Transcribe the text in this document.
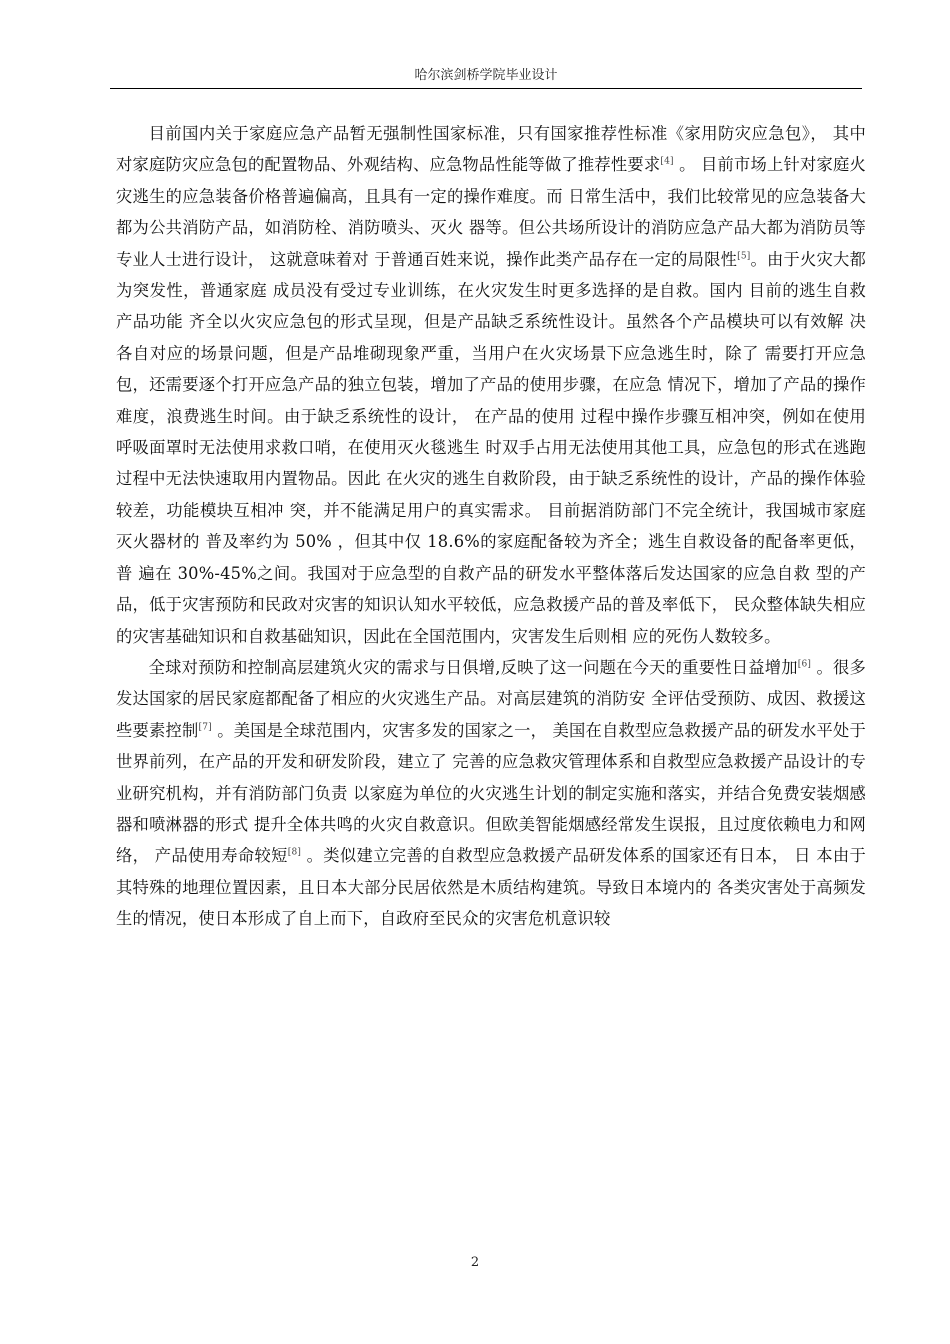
哈尔滨剑桥学院毕业设计

目前国内关于家庭应急产品暂无强制性国家标准，只有国家推荐性标准《家用防灾应急包》， 其中对家庭防灾应急包的配置物品、外观结构、应急物品性能等做了推荐性要求[4] 。 目前市场上针对家庭火灾逃生的应急装备价格普遍偏高，且具有一定的操作难度。而 日常生活中，我们比较常见的应急装备大都为公共消防产品，如消防栓、消防喷头、灭火 器等。但公共场所设计的消防应急产品大都为消防员等专业人士进行设计， 这就意味着对 于普通百姓来说，操作此类产品存在一定的局限性[5]。由于火灾大都为突发性，普通家庭 成员没有受过专业训练，在火灾发生时更多选择的是自救。国内 目前的逃生自救产品功能 齐全以火灾应急包的形式呈现，但是产品缺乏系统性设计。虽然各个产品模块可以有效解 决各自对应的场景问题，但是产品堆砌现象严重，当用户在火灾场景下应急逃生时，除了 需要打开应急包，还需要逐个打开应急产品的独立包装，增加了产品的使用步骤，在应急 情况下，增加了产品的操作难度，浪费逃生时间。由于缺乏系统性的设计， 在产品的使用 过程中操作步骤互相冲突，例如在使用呼吸面罩时无法使用求救口哨，在使用灭火毯逃生 时双手占用无法使用其他工具，应急包的形式在逃跑过程中无法快速取用内置物品。因此 在火灾的逃生自救阶段，由于缺乏系统性的设计，产品的操作体验较差，功能模块互相冲 突，并不能满足用户的真实需求。 目前据消防部门不完全统计，我国城市家庭灭火器材的 普及率约为 50% ，但其中仅 18.6%的家庭配备较为齐全；逃生自救设备的配备率更低，普 遍在 30%-45%之间。我国对于应急型的自救产品的研发水平整体落后发达国家的应急自救 型的产品，低于灾害预防和民政对灾害的知识认知水平较低，应急救援产品的普及率低下， 民众整体缺失相应的灾害基础知识和自救基础知识，因此在全国范围内，灾害发生后则相 应的死伤人数较多。

全球对预防和控制高层建筑火灾的需求与日俱增,反映了这一问题在今天的重要性日益增加[6] 。很多发达国家的居民家庭都配备了相应的火灾逃生产品。对高层建筑的消防安 全评估受预防、成因、救援这些要素控制[7] 。美国是全球范围内，灾害多发的国家之一， 美国在自救型应急救援产品的研发水平处于世界前列，在产品的开发和研发阶段，建立了 完善的应急救灾管理体系和自救型应急救援产品设计的专业研究机构，并有消防部门负责 以家庭为单位的火灾逃生计划的制定实施和落实，并结合免费安装烟感器和喷淋器的形式 提升全体共鸣的火灾自救意识。但欧美智能烟感经常发生误报，且过度依赖电力和网络， 产品使用寿命较短[8] 。类似建立完善的自救型应急救援产品研发体系的国家还有日本， 日 本由于其特殊的地理位置因素，且日本大部分民居依然是木质结构建筑。导致日本境内的 各类灾害处于高频发生的情况，使日本形成了自上而下，自政府至民众的灾害危机意识较

2
